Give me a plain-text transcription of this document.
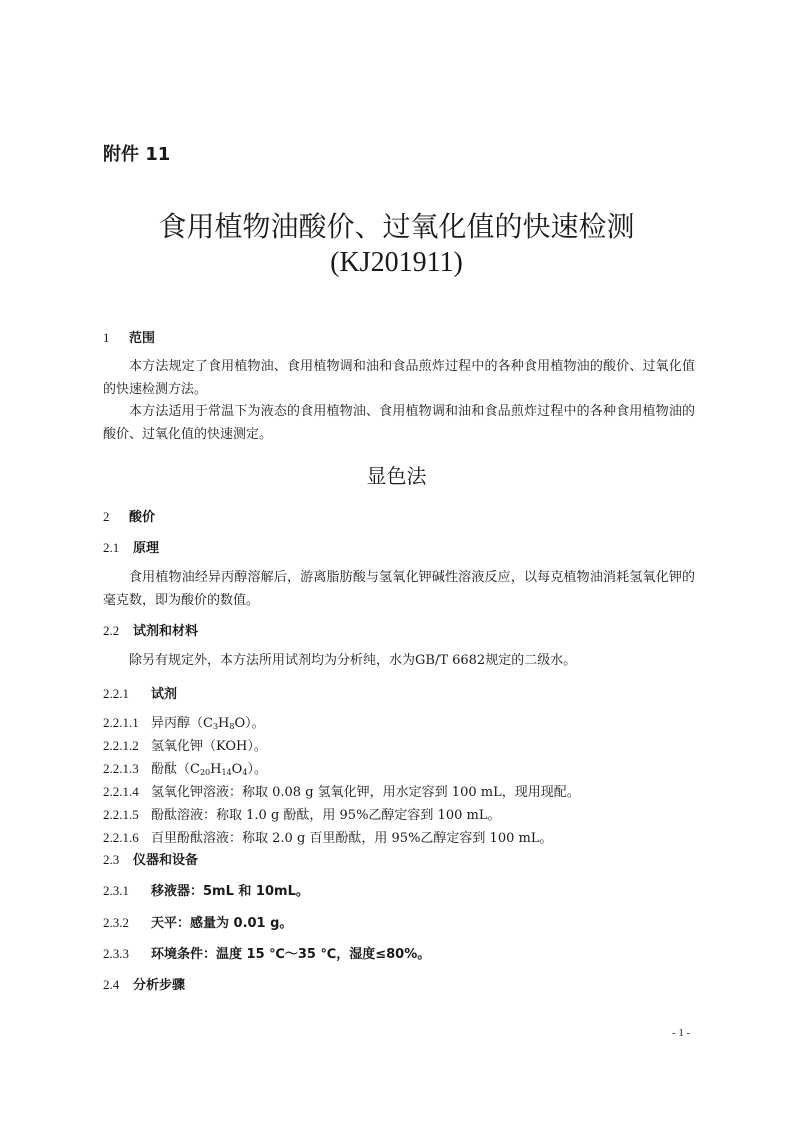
附件 11
食用植物油酸价、过氧化值的快速检测
(KJ201911)
1 范围
本方法规定了食用植物油、食用植物调和油和食品煎炸过程中的各种食用植物油的酸价、过氧化值的快速检测方法。
本方法适用于常温下为液态的食用植物油、食用植物调和油和食品煎炸过程中的各种食用植物油的酸价、过氧化值的快速测定。
显色法
2 酸价
2.1 原理
食用植物油经异丙醇溶解后，游离脂肪酸与氢氧化钾碱性溶液反应，以每克植物油消耗氢氧化钾的毫克数，即为酸价的数值。
2.2 试剂和材料
除另有规定外，本方法所用试剂均为分析纯，水为GB/T 6682规定的二级水。
2.2.1 试剂
2.2.1.1 异丙醇$(C_3H_8O)$。
2.2.1.2 氢氧化钾（KOH）。
2.2.1.3 酚酞$(C_{20}H_{14}O_4)$。
2.2.1.4 氢氧化钾溶液：称取 0.08 g 氢氧化钾，用水定容到 100 mL，现用现配。
2.2.1.5 酚酞溶液：称取 1.0 g 酚酞，用 95%乙醇定容到 100 mL。
2.2.1.6 百里酚酞溶液：称取 2.0 g 百里酚酞，用 95%乙醇定容到 100 mL。
2.3 仪器和设备
2.3.1 移液器：5mL 和 10mL。
2.3.2 天平：感量为 0.01 g。
2.3.3 环境条件：温度 15 ℃～35 ℃，湿度≤80%。
2.4 分析步骤
- 1 -
